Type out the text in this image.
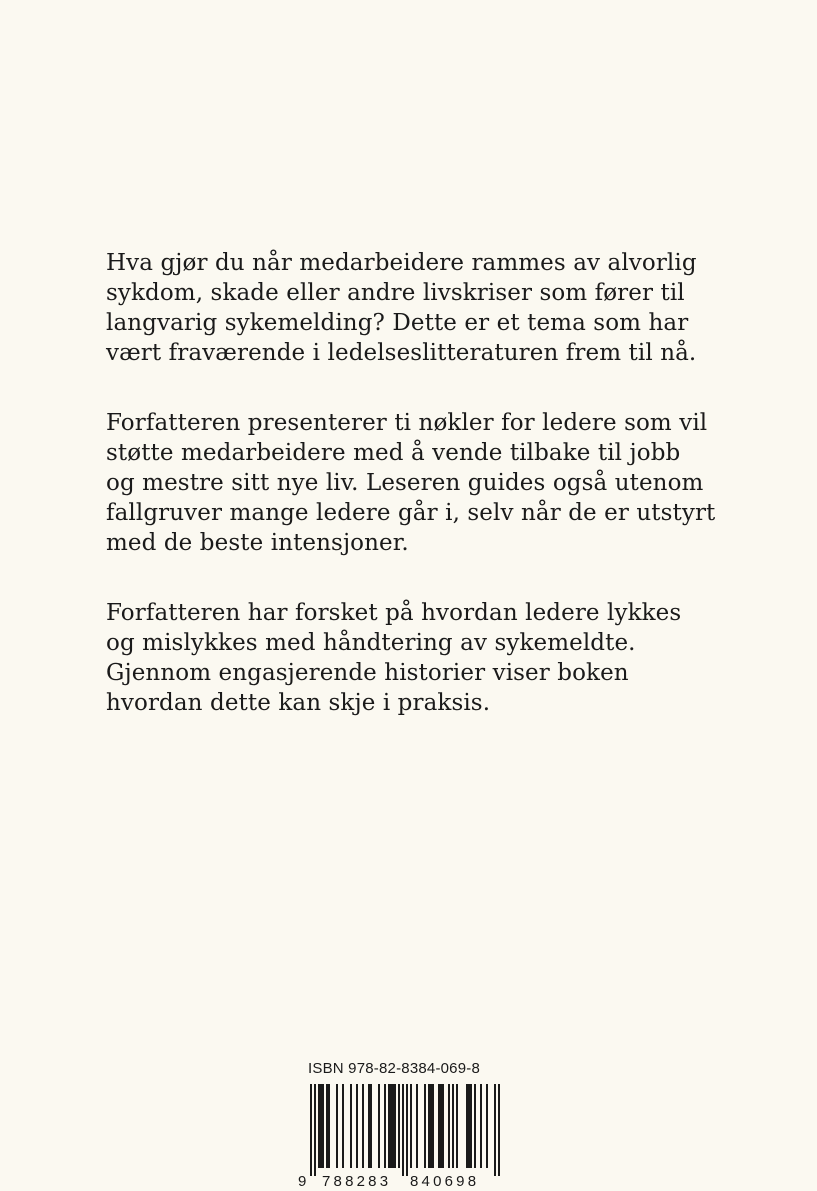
Hva gjør du når medarbeidere rammes av alvorlig
sykdom, skade eller andre livskriser som fører til
langvarig sykemelding? Dette er et tema som har
vært fraværende i ledelseslitteraturen frem til nå.

Forfatteren presenterer ti nøkler for ledere som vil
støtte medarbeidere med å vende tilbake til jobb
og mestre sitt nye liv. Leseren guides også utenom
fallgruver mange ledere går i, selv når de er utstyrt
med de beste intensjoner.

Forfatteren har forsket på hvordan ledere lykkes
og mislykkes med håndtering av sykemeldte.
Gjennom engasjerende historier viser boken
hvordan dette kan skje i praksis.

ISBN 978-82-8384-069-8
9 788283 840698
